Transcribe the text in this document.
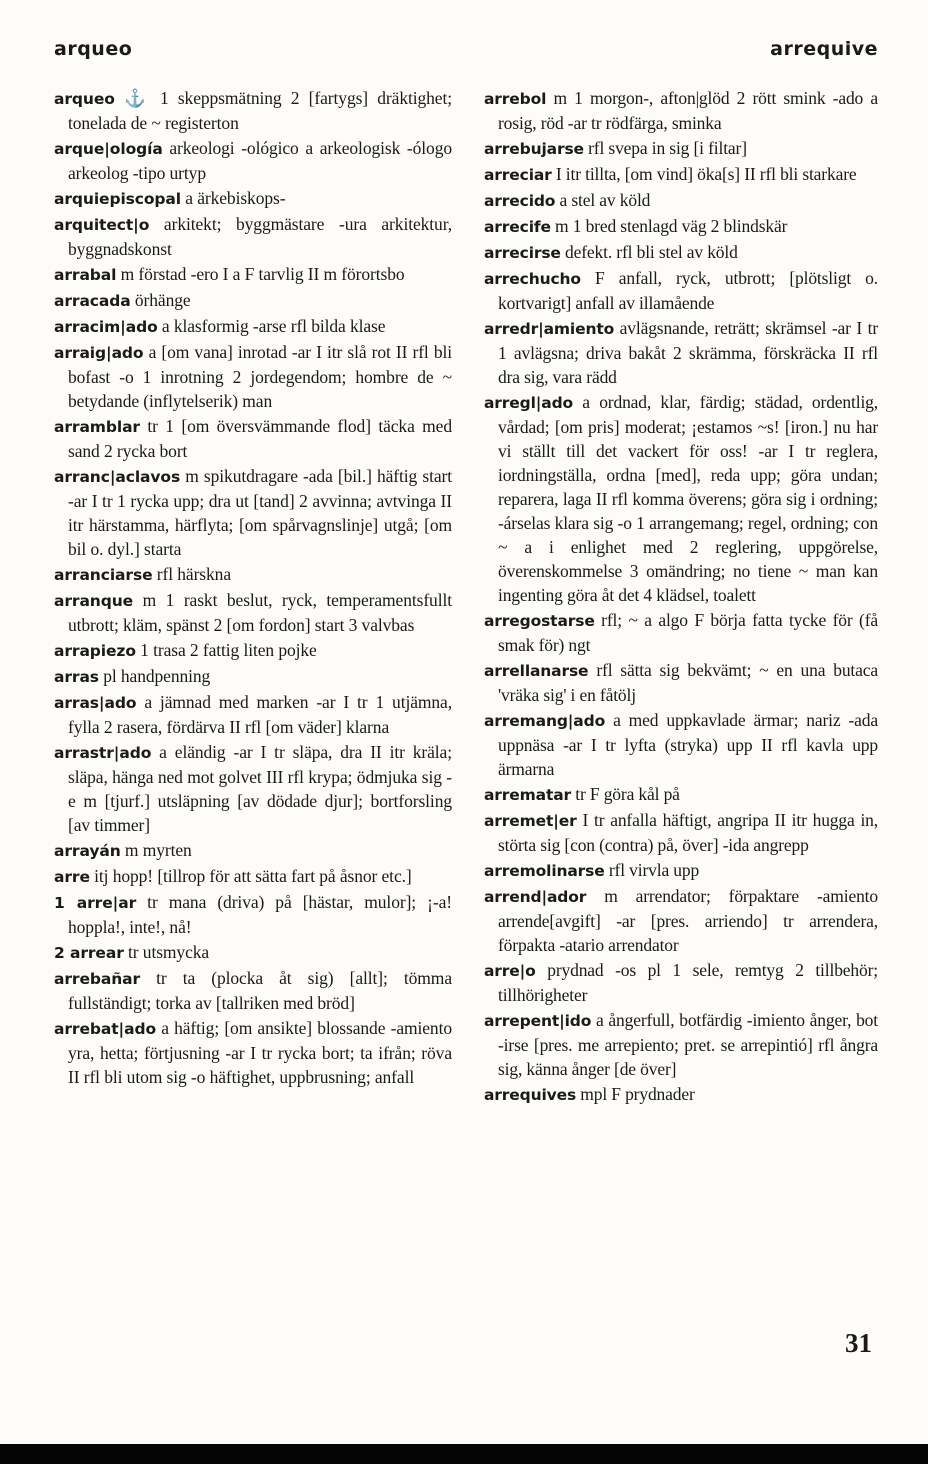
arqueo	arrequive

arqueo ⚓ 1 skeppsmätning 2 [fartygs] dräktighet; tonelada de ~ registerton

arque|ología arkeologi -ológico a arkeologisk -ólogo arkeolog -tipo urtyp

arquiepiscopal a ärkebiskops-

arquitect|o arkitekt; byggmästare -ura arkitektur, byggnadskonst

arrabal m förstad -ero I a F tarvlig II m förortsbo

arracada örhänge

arracim|ado a klasformig -arse rfl bilda klase

arraig|ado a [om vana] inrotad -ar I itr slå rot II rfl bli bofast -o 1 inrotning 2 jordegendom; hombre de ~ betydande (inflytelserik) man

arramblar tr 1 [om översvämmande flod] täcka med sand 2 rycka bort

arranc|aclavos m spikutdragare -ada [bil.] häftig start -ar I tr 1 rycka upp; dra ut [tand] 2 avvinna; avtvinga II itr härstamma, härflyta; [om spårvagnslinje] utgå; [om bil o. dyl.] starta

arranciarse rfl härskna

arranque m 1 raskt beslut, ryck, temperamentsfullt utbrott; kläm, spänst 2 [om fordon] start 3 valvbas

arrapiezo 1 trasa 2 fattig liten pojke

arras pl handpenning

arras|ado a jämnad med marken -ar I tr 1 utjämna, fylla 2 rasera, fördärva II rfl [om väder] klarna

arrastr|ado a eländig -ar I tr släpa, dra II itr kräla; släpa, hänga ned mot golvet III rfl krypa; ödmjuka sig -e m [tjurf.] utsläpning [av dödade djur]; bortforsling [av timmer]

arrayán m myrten

arre itj hopp! [tillrop för att sätta fart på åsnor etc.]

1 arre|ar tr mana (driva) på [hästar, mulor]; ¡-a! hoppla!, inte!, nå!

2 arrear tr utsmycka

arrebañar tr ta (plocka åt sig) [allt]; tömma fullständigt; torka av [tallriken med bröd]

arrebat|ado a häftig; [om ansikte] blossande -amiento yra, hetta; förtjusning -ar I tr rycka bort; ta ifrån; röva II rfl bli utom sig -o häftighet, uppbrusning; anfall

arrebol m 1 morgon-, afton|glöd 2 rött smink -ado a rosig, röd -ar tr rödfärga, sminka

arrebujarse rfl svepa in sig [i filtar]

arreciar I itr tillta, [om vind] öka[s] II rfl bli starkare

arrecido a stel av köld

arrecife m 1 bred stenlagd väg 2 blindskär

arrecirse defekt. rfl bli stel av köld

arrechucho F anfall, ryck, utbrott; [plötsligt o. kortvarigt] anfall av illamående

arredr|amiento avlägsnande, reträtt; skrämsel -ar I tr 1 avlägsna; driva bakåt 2 skrämma, förskräcka II rfl dra sig, vara rädd

arregl|ado a ordnad, klar, färdig; städad, ordentlig, vårdad; [om pris] moderat; ¡estamos ~s! [iron.] nu har vi ställt till det vackert för oss! -ar I tr reglera, iordningställa, ordna [med], reda upp; göra undan; reparera, laga II rfl komma överens; göra sig i ordning; -árselas klara sig -o 1 arrangemang; regel, ordning; con ~ a i enlighet med 2 reglering, uppgörelse, överenskommelse 3 omändring; no tiene ~ man kan ingenting göra åt det 4 klädsel, toalett

arregostarse rfl; ~ a algo F börja fatta tycke för (få smak för) ngt

arrellanarse rfl sätta sig bekvämt; ~ en una butaca 'vräka sig' i en fåtölj

arremang|ado a med uppkavlade ärmar; nariz -ada uppnäsa -ar I tr lyfta (stryka) upp II rfl kavla upp ärmarna

arrematar tr F göra kål på

arremet|er I tr anfalla häftigt, angripa II itr hugga in, störta sig [con (contra) på, över] -ida angrepp

arremolinarse rfl virvla upp

arrend|ador m arrendator; förpaktare -amiento arrende[avgift] -ar [pres. arriendo] tr arrendera, förpakta -atario arrendator

arre|o prydnad -os pl 1 sele, remtyg 2 tillbehör; tillhörigheter

arrepent|ido a ångerfull, botfärdig -imiento ånger, bot -irse [pres. me arrepiento; pret. se arrepintió] rfl ångra sig, känna ånger [de över]

arrequives mpl F prydnader

31
